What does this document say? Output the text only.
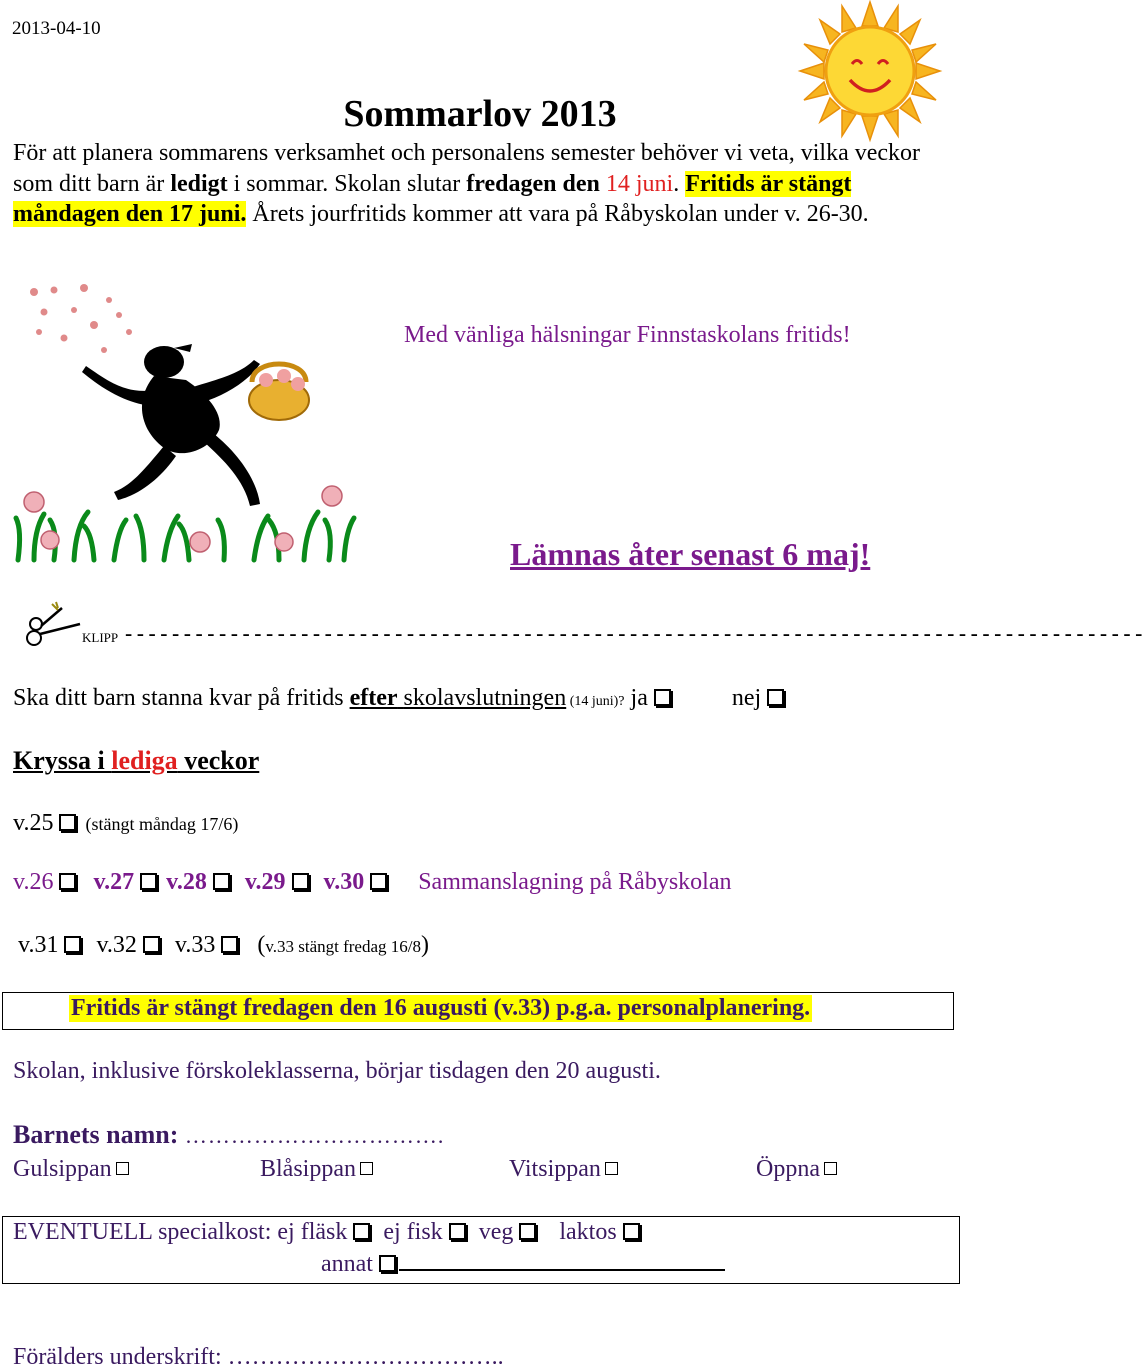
2013-04-10
Sommarlov 2013
För att planera sommarens verksamhet och personalens semester behöver vi veta, vilka veckor som ditt barn är ledigt i sommar. Skolan slutar fredagen den 14 juni. Fritids är stängt måndagen den 17 juni. Årets jourfritids kommer att vara på Råbyskolan under v. 26-30.
Med vänliga hälsningar Finnstaskolans fritids!
Lämnas åter senast 6 maj!
KLIPP ---------------------------------------------------------------------------------------
Ska ditt barn stanna kvar på fritids efter skolavslutningen (14 juni)? ja	nej
Kryssa i lediga veckor
v.25 (stängt måndag 17/6)
v.26 v.27 v.28 v.29 v.30 Sammanslagning på Råbyskolan
v.31 v.32 v.33 (v.33 stängt fredag 16/8)
Fritids är stängt fredagen den 16 augusti (v.33) p.g.a. personalplanering.
Skolan, inklusive förskoleklasserna, börjar tisdagen den 20 augusti.
Barnets namn: …………………………….
Gulsippan	Blåsippan	Vitsippan	Öppna
EVENTUELL specialkost: ej fläsk ej fisk veg laktos
annat
Förälders underskrift: ……………………………..
